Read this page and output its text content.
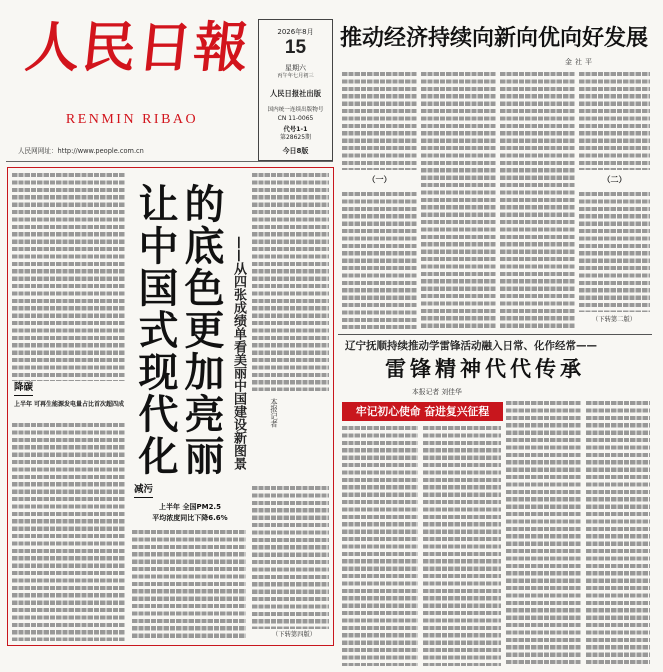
人民日報
RENMIN RIBAO
人民网网址：http://www.people.com.cn
2026年8月
15
星期六
丙午年七月初三
人民日报社出版
国内统一连续出版物号
CN 11-0065
代号1-1
第28625期
今日8版
推动经济持续向新向优向好发展
金社平
（一）	（二）
（下转第二版）
辽宁抚顺持续推动学雷锋活动融入日常、化作经常——
雷锋精神代代传承
本报记者 刘佳华
牢记初心使命 奋进复兴征程
降碳
上半年 可再生能源发电量占比首次超四成 让中国式现代化的底色更加亮丽 ——从四张成绩单看美丽中国建设新图景	本报记者
减污
上半年 全国PM2.5
平均浓度同比下降6.6%
（下转第四版）
